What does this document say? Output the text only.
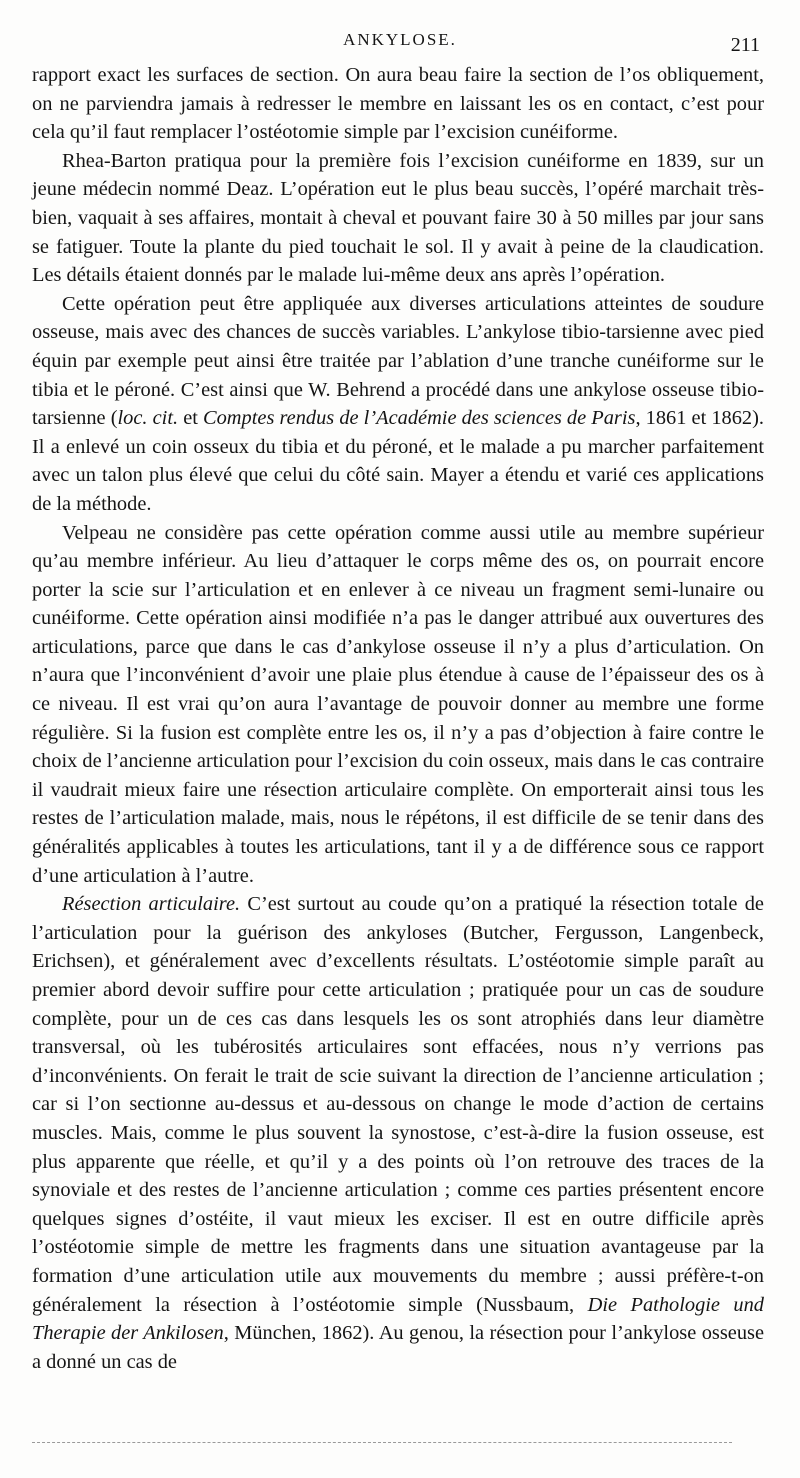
ANKYLOSE.	211

rapport exact les surfaces de section. On aura beau faire la section de l’os obliquement, on ne parviendra jamais à redresser le membre en laissant les os en contact, c’est pour cela qu’il faut remplacer l’ostéotomie simple par l’excision cunéiforme.

Rhea-Barton pratiqua pour la première fois l’excision cunéiforme en 1839, sur un jeune médecin nommé Deaz. L’opération eut le plus beau succès, l’opéré marchait très-bien, vaquait à ses affaires, montait à cheval et pouvant faire 30 à 50 milles par jour sans se fatiguer. Toute la plante du pied touchait le sol. Il y avait à peine de la claudication. Les détails étaient donnés par le malade lui-même deux ans après l’opération.

Cette opération peut être appliquée aux diverses articulations atteintes de soudure osseuse, mais avec des chances de succès variables. L’ankylose tibio-tarsienne avec pied équin par exemple peut ainsi être traitée par l’ablation d’une tranche cunéiforme sur le tibia et le péroné. C’est ainsi que W. Behrend a procédé dans une ankylose osseuse tibio-tarsienne (loc. cit. et Comptes rendus de l’Académie des sciences de Paris, 1861 et 1862). Il a enlevé un coin osseux du tibia et du péroné, et le malade a pu marcher parfaitement avec un talon plus élevé que celui du côté sain. Mayer a étendu et varié ces applications de la méthode.

Velpeau ne considère pas cette opération comme aussi utile au membre supérieur qu’au membre inférieur. Au lieu d’attaquer le corps même des os, on pourrait encore porter la scie sur l’articulation et en enlever à ce niveau un fragment semi-lunaire ou cunéiforme. Cette opération ainsi modifiée n’a pas le danger attribué aux ouvertures des articulations, parce que dans le cas d’ankylose osseuse il n’y a plus d’articulation. On n’aura que l’inconvénient d’avoir une plaie plus étendue à cause de l’épaisseur des os à ce niveau. Il est vrai qu’on aura l’avantage de pouvoir donner au membre une forme régulière. Si la fusion est complète entre les os, il n’y a pas d’objection à faire contre le choix de l’ancienne articulation pour l’excision du coin osseux, mais dans le cas contraire il vaudrait mieux faire une résection articulaire complète. On emporterait ainsi tous les restes de l’articulation malade, mais, nous le répétons, il est difficile de se tenir dans des généralités applicables à toutes les articulations, tant il y a de différence sous ce rapport d’une articulation à l’autre.

Résection articulaire. C’est surtout au coude qu’on a pratiqué la résection totale de l’articulation pour la guérison des ankyloses (Butcher, Fergusson, Langenbeck, Erichsen), et généralement avec d’excellents résultats. L’ostéotomie simple paraît au premier abord devoir suffire pour cette articulation ; pratiquée pour un cas de soudure complète, pour un de ces cas dans lesquels les os sont atrophiés dans leur diamètre transversal, où les tubérosités articulaires sont effacées, nous n’y verrions pas d’inconvénients. On ferait le trait de scie suivant la direction de l’ancienne articulation ; car si l’on sectionne au-dessus et au-dessous on change le mode d’action de certains muscles. Mais, comme le plus souvent la synostose, c’est-à-dire la fusion osseuse, est plus apparente que réelle, et qu’il y a des points où l’on retrouve des traces de la synoviale et des restes de l’ancienne articulation ; comme ces parties présentent encore quelques signes d’ostéite, il vaut mieux les exciser. Il est en outre difficile après l’ostéotomie simple de mettre les fragments dans une situation avantageuse par la formation d’une articulation utile aux mouvements du membre ; aussi préfère-t-on généralement la résection à l’ostéotomie simple (Nussbaum, Die Pathologie und Therapie der Ankilosen, München, 1862). Au genou, la résection pour l’ankylose osseuse a donné un cas de
